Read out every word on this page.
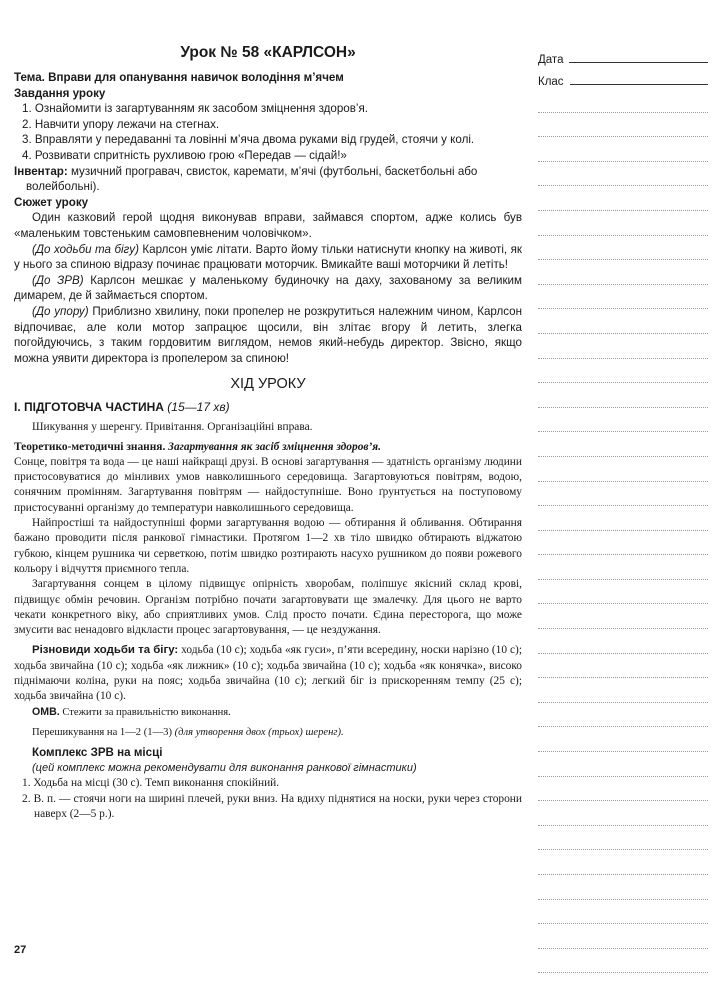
Урок № 58 «КАРЛСОН»

Тема. Вправи для опанування навичок володіння м’ячем

Завдання уроку

1. Ознайомити із загартуванням як засобом зміцнення здоров’я.

2. Навчити упору лежачи на стегнах.

3. Вправляти у передаванні та ловінні м’яча двома руками від грудей, стоячи у колі.

4. Розвивати спритність рухливою грою «Передав — сідай!»

Інвентар: музичний програвач, свисток, каремати, м’ячі (футбольні, баскетбольні або

волейбольні).

Сюжет уроку

Один казковий герой щодня виконував вправи, займався спортом, адже колись був «маленьким товстеньким самовпевненим чоловічком».

(До ходьби та бігу) Карлсон уміє літати. Варто йому тільки натиснути кнопку на животі, як у нього за спиною відразу починає працювати моторчик. Вмикайте ваші моторчики й летіть!

(До ЗРВ) Карлсон мешкає у маленькому будиночку на даху, захованому за великим димарем, де й займається спортом.

(До упору) Приблизно хвилину, поки пропелер не розкрутиться належним чином, Карлсон відпочиває, але коли мотор запрацює щосили, він злітає вгору й летить, злегка погойдуючись, з таким гордовитим виглядом, немов який-небудь директор. Звісно, якщо можна уявити директора із пропелером за спиною!

ХІД УРОКУ

І. ПІДГОТОВЧА ЧАСТИНА (15—17 хв)

Шикування у шеренгу. Привітання. Організаційні вправа.

Теоретико-методичні знання. Загартування як засіб зміцнення здоров’я.

Сонце, повітря та вода — це наші найкращі друзі. В основі загартування — здатність організму людини пристосовуватися до мінливих умов навколишнього середовища. Загартовуються повітрям, водою, сонячним промінням. Загартування повітрям — найдоступніше. Воно ґрунтується на поступовому пристосуванні організму до температури навколишнього середовища.

Найпростіші та найдоступніші форми загартування водою — обтирання й обливання. Обтирання бажано проводити після ранкової гімнастики. Протягом 1—2 хв тіло швидко обтирають віджатою губкою, кінцем рушника чи серветкою, потім швидко розтирають насухо рушником до появи рожевого кольору і відчуття приємного тепла.

Загартування сонцем в цілому підвищує опірність хворобам, поліпшує якісний склад крові, підвищує обмін речовин. Організм потрібно почати загартовувати ще змалечку. Для цього не варто чекати конкретного віку, або сприятливих умов. Слід просто почати. Єдина пересторога, що може змусити вас ненадовго відкласти процес загартовування, — це нездужання.

Різновиди ходьби та бігу: ходьба (10 с); ходьба «як гуси», п’яти всередину, носки нарізно (10 с); ходьба звичайна (10 с); ходьба «як лижник» (10 с); ходьба звичайна (10 с); ходьба «як конячка», високо піднімаючи коліна, руки на пояс; ходьба звичайна (10 с); легкий біг із прискоренням темпу (25 с); ходьба звичайна (10 с).

ОМВ. Стежити за правильністю виконання.

Перешикування на 1—2 (1—3) (для утворення двох (трьох) шеренг).

Комплекс ЗРВ на місці

(цей комплекс можна рекомендувати для виконання ранкової гімнастики)

1. Ходьба на місці (30 с). Темп виконання спокійний.

2. В. п. — стоячи ноги на ширині плечей, руки вниз. На вдиху піднятися на носки, руки через сторони наверх (2—5 р.).

27
Дата
Клас
